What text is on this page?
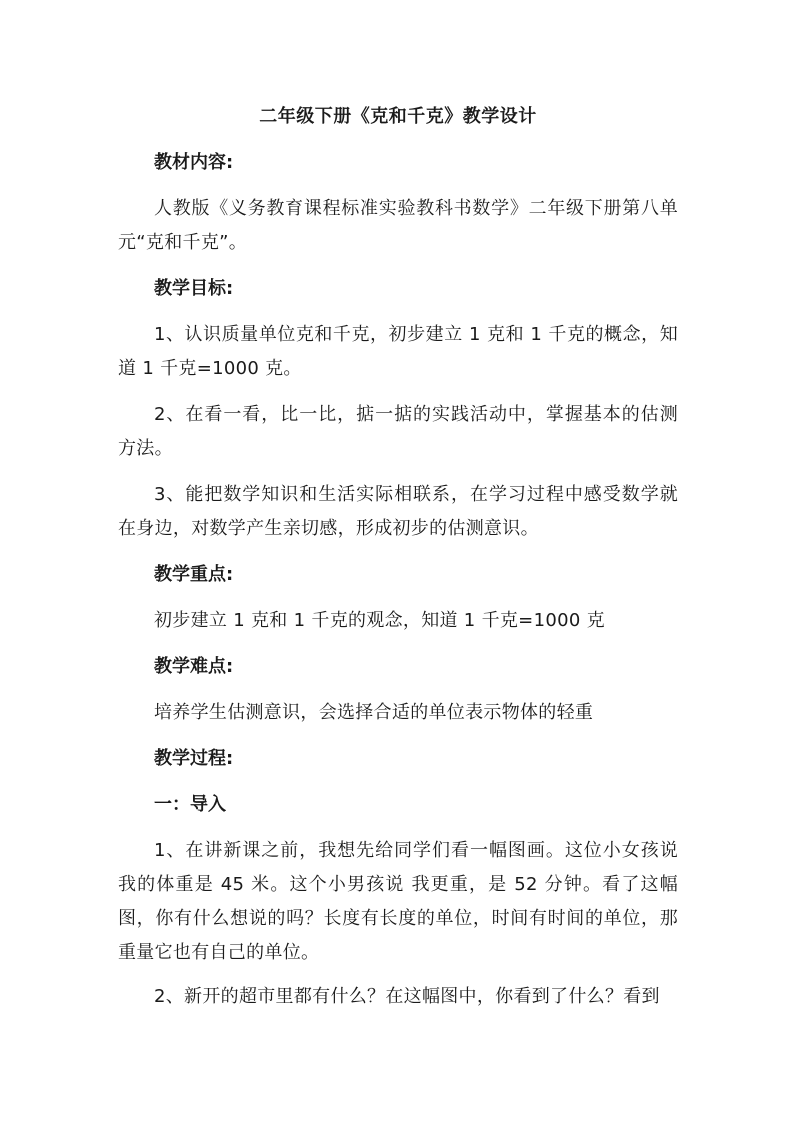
二年级下册《克和千克》教学设计
教材内容:
人教版《义务教育课程标准实验教科书数学》二年级下册第八单元“克和千克”。
教学目标:
1、认识质量单位克和千克，初步建立 1 克和 1 千克的概念，知道 1 千克=1000 克。
2、在看一看，比一比，掂一掂的实践活动中，掌握基本的估测方法。
3、能把数学知识和生活实际相联系，在学习过程中感受数学就在身边，对数学产生亲切感，形成初步的估测意识。
教学重点:
初步建立 1 克和 1 千克的观念，知道 1 千克=1000 克
教学难点:
培养学生估测意识，会选择合适的单位表示物体的轻重
教学过程:
一：导入
1、在讲新课之前，我想先给同学们看一幅图画。这位小女孩说我的体重是 45 米。这个小男孩说 我更重，是 52 分钟。看了这幅图，你有什么想说的吗？长度有长度的单位，时间有时间的单位，那重量它也有自己的单位。
2、新开的超市里都有什么？在这幅图中，你看到了什么？看到
